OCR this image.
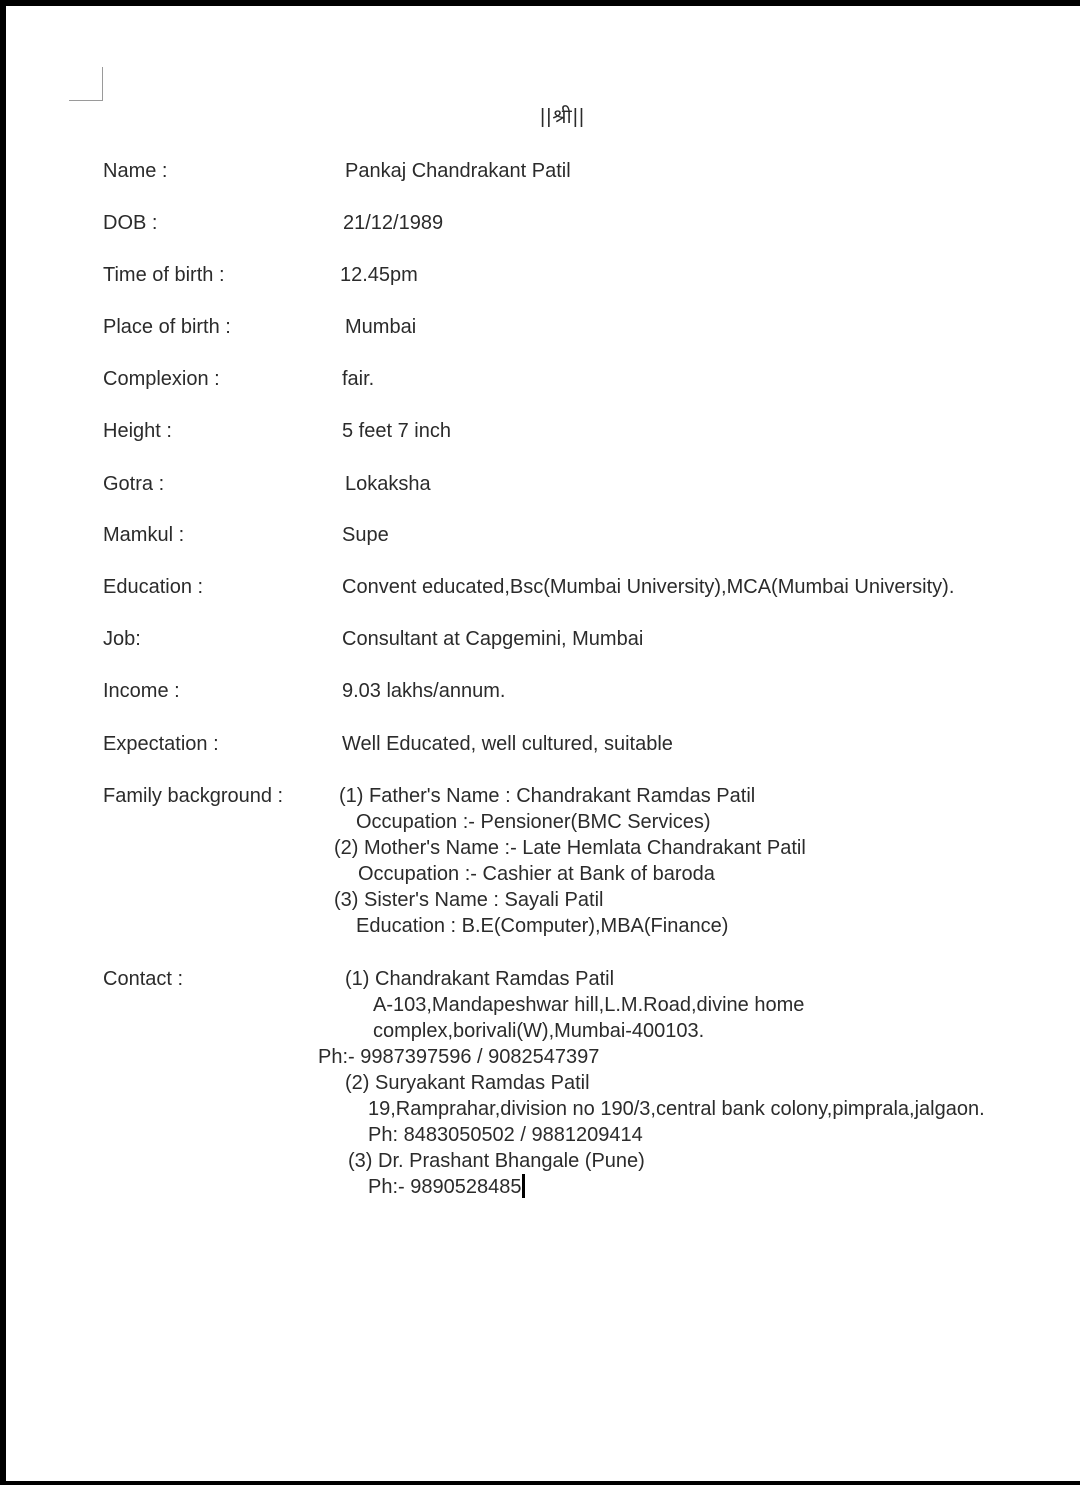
||श्री||
Name :	Pankaj Chandrakant Patil
DOB :	21/12/1989
Time of birth :	12.45pm
Place of birth :	Mumbai
Complexion :	fair.
Height :	5 feet 7 inch
Gotra :	Lokaksha
Mamkul :	Supe
Education :	Convent educated,Bsc(Mumbai University),MCA(Mumbai University).
Job:	Consultant at Capgemini, Mumbai
Income :	9.03 lakhs/annum.
Expectation :	Well Educated, well cultured, suitable
Family background :	(1) Father's Name : Chandrakant Ramdas Patil
Occupation :- Pensioner(BMC Services)
(2) Mother's Name :- Late Hemlata Chandrakant Patil
Occupation :- Cashier at Bank of baroda
(3) Sister's Name : Sayali Patil
Education : B.E(Computer),MBA(Finance)
Contact :	(1) Chandrakant Ramdas Patil
A-103,Mandapeshwar hill,L.M.Road,divine home
complex,borivali(W),Mumbai-400103.
Ph:- 9987397596 / 9082547397
(2) Suryakant Ramdas Patil
19,Ramprahar,division no 190/3,central bank colony,pimprala,jalgaon.
Ph: 8483050502 / 9881209414
(3) Dr. Prashant Bhangale (Pune)
Ph:- 9890528485
